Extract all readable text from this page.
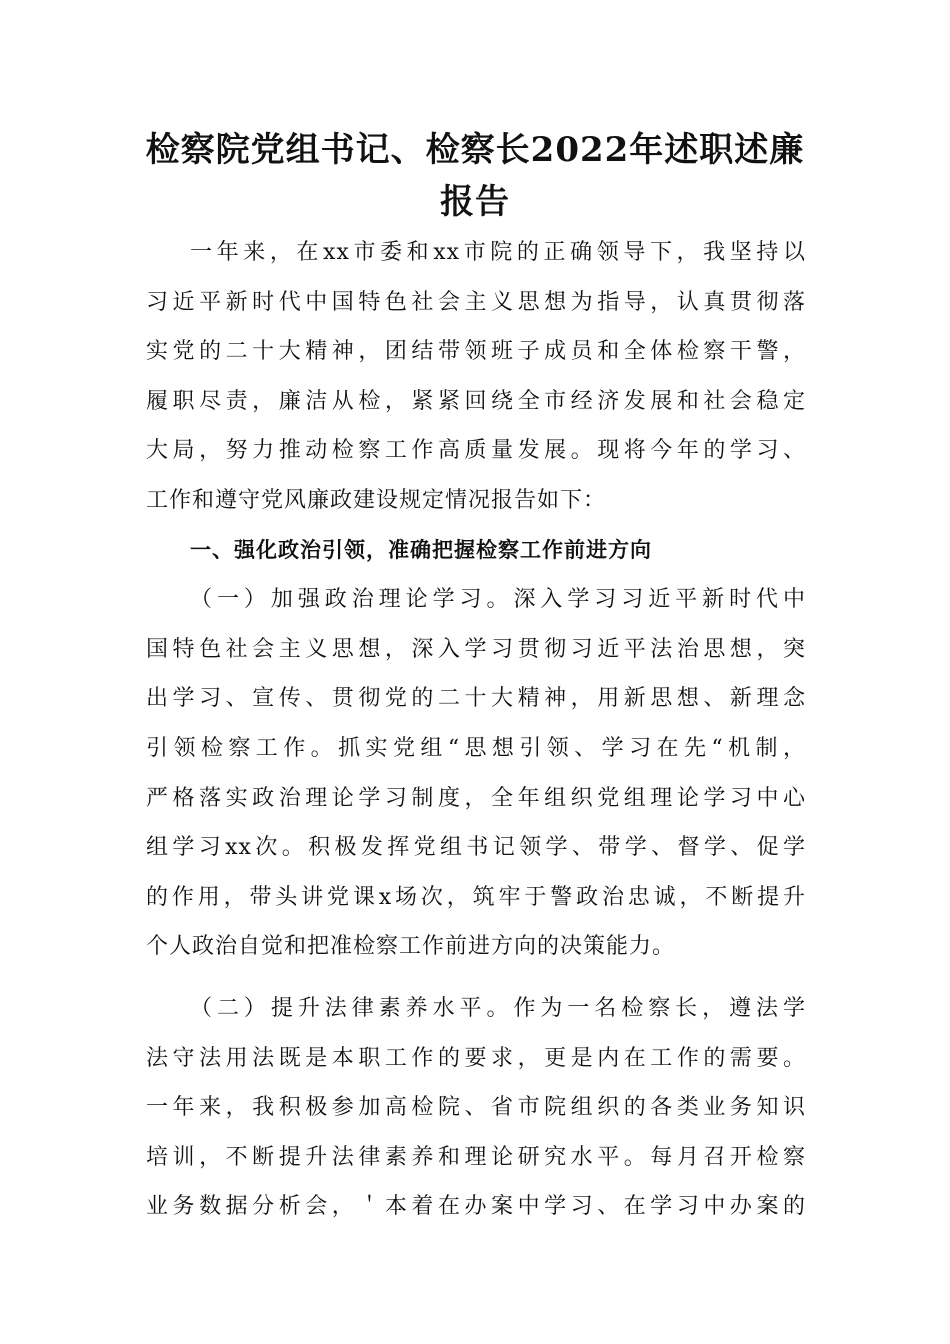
检察院党组书记、检察长2022年述职述廉
报告
一年来，在xx市委和xx市院的正确领导下，我坚持以
习近平新时代中国特色社会主义思想为指导，认真贯彻落
实党的二十大精神，团结带领班子成员和全体检察干警，
履职尽责，廉洁从检，紧紧回绕全市经济发展和社会稳定
大局，努力推动检察工作高质量发展。现将今年的学习、
工作和遵守党风廉政建设规定情况报告如下：
一、强化政治引领，准确把握检察工作前进方向
（一）加强政治理论学习。深入学习习近平新时代中
国特色社会主义思想，深入学习贯彻习近平法治思想，突
出学习、宣传、贯彻党的二十大精神，用新思想、新理念
引领检察工作。抓实党组“思想引领、学习在先“机制，
严格落实政治理论学习制度，全年组织党组理论学习中心
组学习xx次。积极发挥党组书记领学、带学、督学、促学
的作用，带头讲党课x场次，筑牢于警政治忠诚，不断提升
个人政治自觉和把准检察工作前进方向的决策能力。
（二）提升法律素养水平。作为一名检察长，遵法学
法守法用法既是本职工作的要求，更是内在工作的需要。
一年来，我积极参加高检院、省市院组织的各类业务知识
培训，不断提升法律素养和理论研究水平。每月召开检察
业务数据分析会，＇本着在办案中学习、在学习中办案的
